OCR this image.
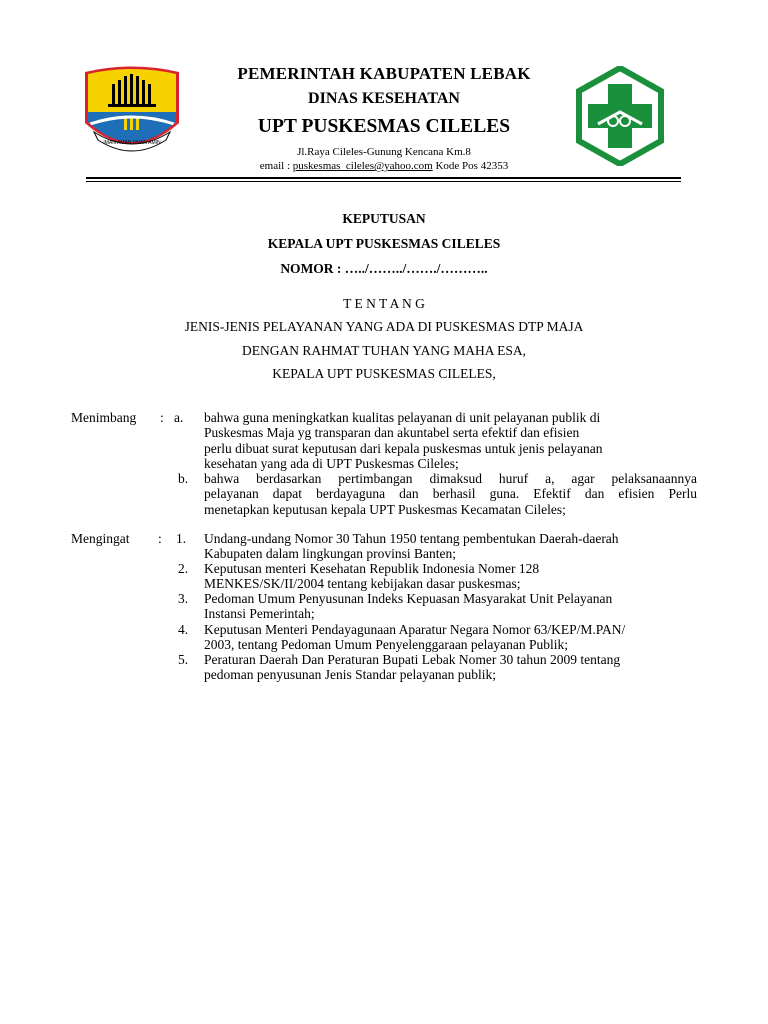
IMAN AMAN UNAN AMIN
PEMERINTAH KABUPATEN LEBAK
DINAS KESEHATAN
UPT PUSKESMAS CILELES
Jl.Raya Cileles-Gunung Kencana Km.8
email : puskesmas_cileles@yahoo.com Kode Pos 42353
KEPUTUSAN
KEPALA UPT PUSKESMAS CILELES
NOMOR : …../……../……./………..
T E N T A N G
JENIS-JENIS PELAYANAN YANG ADA DI PUSKESMAS DTP MAJA
DENGAN RAHMAT TUHAN YANG MAHA ESA,
KEPALA UPT PUSKESMAS CILELES,
Menimbang : a. bahwa guna meningkatkan kualitas pelayanan di unit pelayanan publik di
Puskesmas Maja yg transparan dan akuntabel serta efektif dan efisien
perlu dibuat surat keputusan dari kepala puskesmas untuk jenis pelayanan
kesehatan yang ada di UPT Puskesmas Cileles;
b. bahwa berdasarkan pertimbangan dimaksud huruf a, agar pelaksanaannya
pelayanan dapat berdayaguna dan berhasil guna. Efektif dan efisien Perlu
menetapkan keputusan kepala UPT Puskesmas Kecamatan Cileles;
Mengingat : 1. Undang-undang Nomor 30 Tahun 1950 tentang pembentukan Daerah-daerah
Kabupaten dalam lingkungan provinsi Banten;
2. Keputusan menteri Kesehatan Republik Indonesia Nomer 128
MENKES/SK/II/2004 tentang kebijakan dasar puskesmas;
3. Pedoman Umum Penyusunan Indeks Kepuasan Masyarakat Unit Pelayanan
Instansi Pemerintah;
4. Keputusan Menteri Pendayagunaan Aparatur Negara Nomor 63/KEP/M.PAN/
2003, tentang Pedoman Umum Penyelenggaraan pelayanan Publik;
5. Peraturan Daerah Dan Peraturan Bupati Lebak Nomer 30 tahun 2009 tentang
pedoman penyusunan Jenis Standar pelayanan publik;
